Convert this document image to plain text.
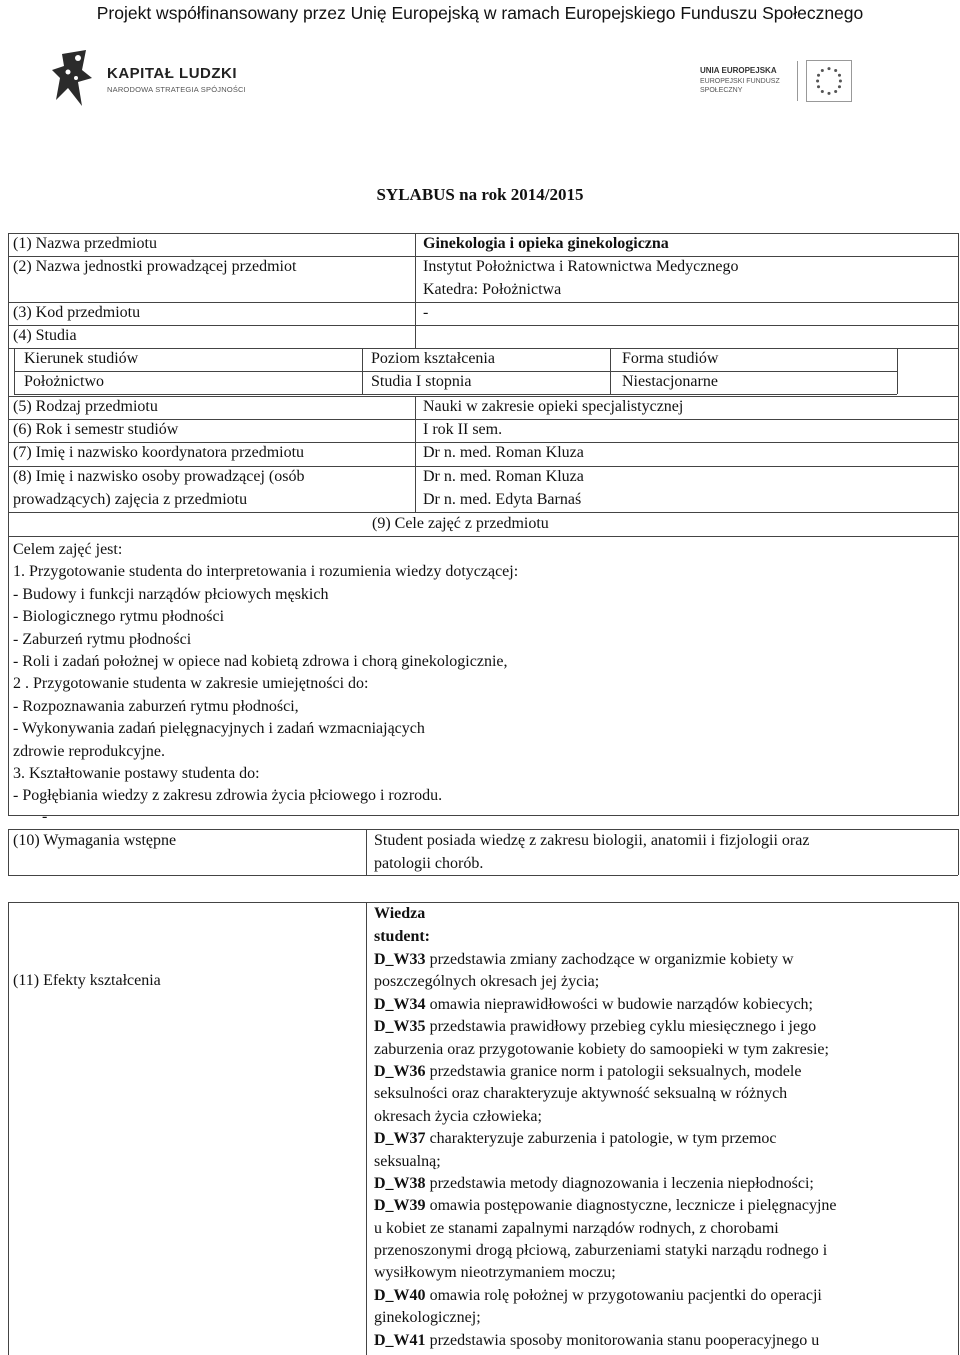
Projekt współfinansowany przez Unię Europejską w ramach Europejskiego Funduszu Społecznego
KAPITAŁ LUDZKI
NARODOWA STRATEGIA SPÓJNOŚCI
UNIA EUROPEJSKA
EUROPEJSKI FUNDUSZ SPOŁECZNY
SYLABUS na rok 2014/2015
(1) Nazwa przedmiotu	Ginekologia i opieka ginekologiczna
(2) Nazwa jednostki prowadzącej przedmiot	Instytut Położnictwa i Ratownictwa Medycznego
Katedra: Położnictwa
(3) Kod przedmiotu	-
(4) Studia
Kierunek studiów	Poziom kształcenia	Forma studiów
Położnictwo	Studia I stopnia	Niestacjonarne
(5) Rodzaj przedmiotu	Nauki w zakresie opieki specjalistycznej
(6) Rok i semestr studiów	I rok II sem.
(7) Imię i nazwisko koordynatora przedmiotu	Dr n. med. Roman Kluza
(8) Imię i nazwisko osoby prowadzącej (osób
prowadzących) zajęcia z przedmiotu
Dr n. med. Roman Kluza
Dr n. med. Edyta Barnaś
(9) Cele zajęć z przedmiotu
Celem zajęć jest:
1. Przygotowanie studenta do interpretowania i rozumienia wiedzy dotyczącej:
- Budowy i funkcji narządów płciowych męskich
- Biologicznego rytmu płodności
- Zaburzeń rytmu płodności
- Roli i zadań położnej w opiece nad kobietą zdrowa i chorą ginekologicznie,
2 . Przygotowanie studenta w zakresie umiejętności do:
- Rozpoznawania zaburzeń rytmu płodności,
- Wykonywania zadań pielęgnacyjnych i zadań wzmacniających
zdrowie reprodukcyjne.
3. Kształtowanie postawy studenta do:
- Pogłębiania wiedzy z zakresu zdrowia życia płciowego i rozrodu.
-
(10) Wymagania wstępne	Student posiada wiedzę z zakresu biologii, anatomii i fizjologii oraz
patologii chorób.
(11) Efekty kształcenia
Wiedza
student:
D_W33 przedstawia zmiany zachodzące w organizmie kobiety w
poszczególnych okresach jej życia;
D_W34 omawia nieprawidłowości w budowie narządów kobiecych;
D_W35 przedstawia prawidłowy przebieg cyklu miesięcznego i jego
zaburzenia oraz przygotowanie kobiety do samoopieki w tym zakresie;
D_W36 przedstawia granice norm i patologii seksualnych, modele
seksulności oraz charakteryzuje aktywność seksualną w różnych
okresach życia człowieka;
D_W37 charakteryzuje zaburzenia i patologie, w tym przemoc
seksualną;
D_W38 przedstawia metody diagnozowania i leczenia niepłodności;
D_W39 omawia postępowanie diagnostyczne, lecznicze i pielęgnacyjne
u kobiet ze stanami zapalnymi narządów rodnych, z chorobami
przenoszonymi drogą płciową, zaburzeniami statyki narządu rodnego i
wysiłkowym nieotrzymaniem moczu;
D_W40 omawia rolę położnej w przygotowaniu pacjentki do operacji
ginekologicznej;
D_W41 przedstawia sposoby monitorowania stanu pooperacyjnego u
